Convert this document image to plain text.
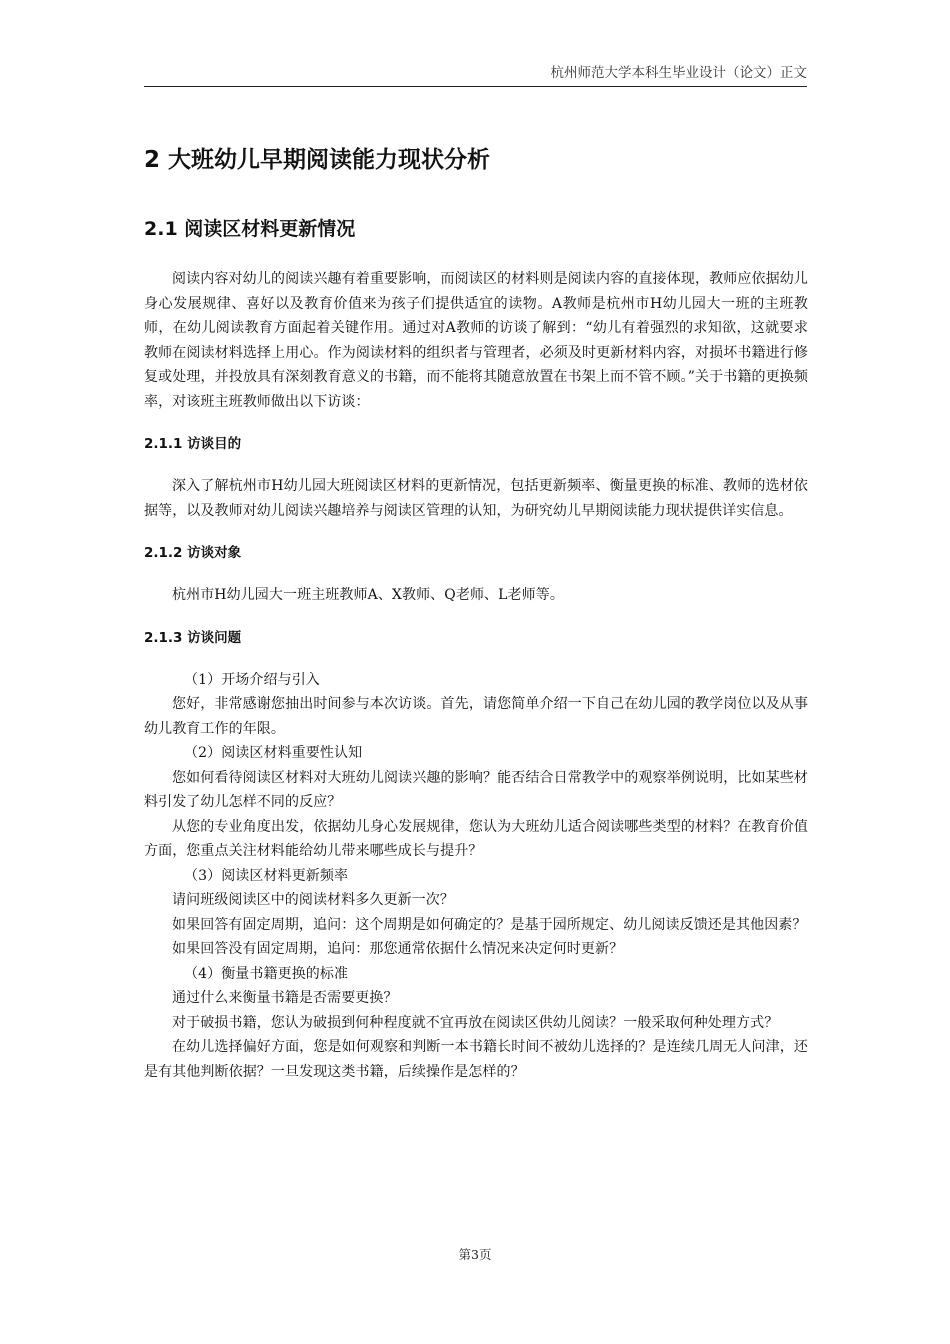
杭州师范大学本科生毕业设计（论文）正文
2 大班幼儿早期阅读能力现状分析
2.1 阅读区材料更新情况

阅读内容对幼儿的阅读兴趣有着重要影响，而阅读区的材料则是阅读内容的直接体现，教师应依据幼儿身心发展规律、喜好以及教育价值来为孩子们提供适宜的读物。A教师是杭州市H幼儿园大一班的主班教师，在幼儿阅读教育方面起着关键作用。通过对A教师的访谈了解到：“幼儿有着强烈的求知欲，这就要求教师在阅读材料选择上用心。作为阅读材料的组织者与管理者，必须及时更新材料内容，对损坏书籍进行修复或处理，并投放具有深刻教育意义的书籍，而不能将其随意放置在书架上而不管不顾。”关于书籍的更换频率，对该班主班教师做出以下访谈：

2.1.1 访谈目的

深入了解杭州市H幼儿园大班阅读区材料的更新情况，包括更新频率、衡量更换的标准、教师的选材依据等，以及教师对幼儿阅读兴趣培养与阅读区管理的认知，为研究幼儿早期阅读能力现状提供详实信息。

2.1.2 访谈对象

杭州市H幼儿园大一班主班教师A、X教师、Q老师、L老师等。

2.1.3 访谈问题

（1）开场介绍与引入

您好，非常感谢您抽出时间参与本次访谈。首先，请您简单介绍一下自己在幼儿园的教学岗位以及从事幼儿教育工作的年限。

（2）阅读区材料重要性认知

您如何看待阅读区材料对大班幼儿阅读兴趣的影响？能否结合日常教学中的观察举例说明，比如某些材料引发了幼儿怎样不同的反应？

从您的专业角度出发，依据幼儿身心发展规律，您认为大班幼儿适合阅读哪些类型的材料？在教育价值方面，您重点关注材料能给幼儿带来哪些成长与提升？

（3）阅读区材料更新频率

请问班级阅读区中的阅读材料多久更新一次？

如果回答有固定周期，追问：这个周期是如何确定的？是基于园所规定、幼儿阅读反馈还是其他因素？

如果回答没有固定周期，追问：那您通常依据什么情况来决定何时更新？

（4）衡量书籍更换的标准

通过什么来衡量书籍是否需要更换？

对于破损书籍，您认为破损到何种程度就不宜再放在阅读区供幼儿阅读？一般采取何种处理方式？

在幼儿选择偏好方面，您是如何观察和判断一本书籍长时间不被幼儿选择的？是连续几周无人问津，还是有其他判断依据？一旦发现这类书籍，后续操作是怎样的？

第3页
